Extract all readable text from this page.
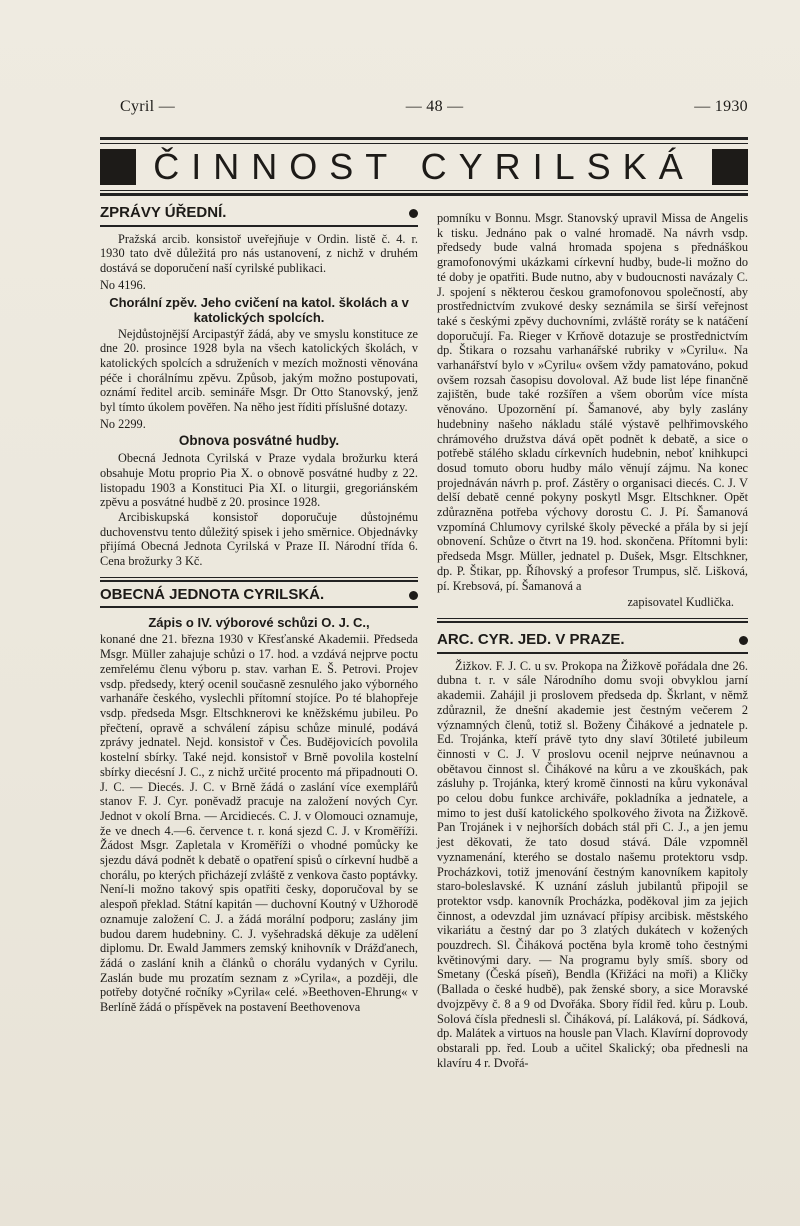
Cyril —	— 48 —	— 1930
ČINNOST CYRILSKÁ
ZPRÁVY ÚŘEDNÍ.

Pražská arcib. konsistoř uveřejňuje v Ordin. listě č. 4. r. 1930 tato dvě důležitá pro nás ustanovení, z nichž v druhém dostává se doporučení naší cyrilské publikaci.

No 4196.

Chorální zpěv. Jeho cvičení na katol. školách a v katolických spolcích.

Nejdůstojnější Arcipastýř žádá, aby ve smyslu konstituce ze dne 20. prosince 1928 byla na všech katolických školách, v katolických spolcích a sdruženích v mezích možnosti věnována péče i chorálnímu zpěvu. Způsob, jakým možno postupovati, oznámí ředitel arcib. semináře Msgr. Dr Otto Stanovský, jenž byl tímto úkolem pověřen. Na něho jest říditi příslušné dotazy.

No 2299.

Obnova posvátné hudby.

Obecná Jednota Cyrilská v Praze vydala brožurku která obsahuje Motu proprio Pia X. o obnově posvátné hudby z 22. listopadu 1903 a Konstituci Pia XI. o liturgii, gregoriánském zpěvu a posvátné hudbě z 20. prosince 1928.

Arcibiskupská konsistoř doporučuje důstojnému duchovenstvu tento důležitý spisek i jeho směrnice. Objednávky přijímá Obecná Jednota Cyrilská v Praze II. Národní třída 6. Cena brožurky 3 Kč.

OBECNÁ JEDNOTA CYRILSKÁ.

Zápis o IV. výborové schůzi O. J. C.,

konané dne 21. března 1930 v Křesťanské Akademii. Předseda Msgr. Müller zahajuje schůzi o 17. hod. a vzdává nejprve poctu zemřelému členu výboru p. stav. varhan E. Š. Petrovi. Projev vsdp. předsedy, který ocenil současně zesnulého jako výborného varhanáře českého, vyslechli přítomní stojíce. Po té blahopřeje vsdp. předseda Msgr. Eltschknerovi ke kněžskému jubileu. Po přečtení, opravě a schválení zápisu schůze minulé, podává zprávy jednatel. Nejd. konsistoř v Čes. Budějovicích povolila kostelní sbírky. Také nejd. konsistoř v Brně povolila kostelní sbírky diecésní J. C., z nichž určité procento má připadnouti O. J. C. — Diecés. J. C. v Brně žádá o zaslání více exemplářů stanov F. J. Cyr. poněvadž pracuje na založení nových Cyr. Jednot v okolí Brna. — Arcidiecés. C. J. v Olomouci oznamuje, že ve dnech 4.—6. července t. r. koná sjezd C. J. v Kroměříži. Žádost Msgr. Zapletala v Kroměříži o vhodné pomůcky ke sjezdu dává podnět k debatě o opatření spisů o církevní hudbě a chorálu, po kterých přicházejí zvláště z venkova často poptávky. Není-li možno takový spis opatřiti česky, doporučoval by se alespoň překlad. Státní kapitán — duchovní Koutný v Užhorodě oznamuje založení C. J. a žádá morální podporu; zaslány jim budou darem hudebniny. C. J. vyšehradská děkuje za udělení diplomu. Dr. Ewald Jammers zemský knihovník v Drážďanech, žádá o zaslání knih a článků o chorálu vydaných v Cyrilu. Zaslán bude mu prozatím seznam z »Cyrila«, a později, dle potřeby dotyčné ročníky »Cyrila« celé. »Beethoven-Ehrung« v Berlíně žádá o příspěvek na postavení Beethovenova

pomníku v Bonnu. Msgr. Stanovský upravil Missa de Angelis k tisku. Jednáno pak o valné hromadě. Na návrh vsdp. předsedy bude valná hromada spojena s přednáškou gramofonovými ukázkami církevní hudby, bude-li možno do té doby je opatřiti. Bude nutno, aby v budoucnosti navázaly C. J. spojení s některou českou gramofonovou společností, aby prostřednictvím zvukové desky seznámila se širší veřejnost také s českými zpěvy duchovními, zvláště roráty se k natáčení doporučují. Fa. Rieger v Krňově dotazuje se prostřednictvím dp. Štikara o rozsahu varhanářské rubriky v »Cyrilu«. Na varhanářství bylo v »Cyrilu« ovšem vždy pamatováno, pokud ovšem rozsah časopisu dovoloval. Až bude list lépe finančně zajištěn, bude také rozšířen a všem oborům více místa věnováno. Upozornění pí. Šamanové, aby byly zaslány hudebniny našeho nákladu stálé výstavě pelhřimovského chrámového družstva dává opět podnět k debatě, a sice o potřebě stálého skladu církevních hudebnin, neboť knihkupci dosud tomuto oboru hudby málo věnují zájmu. Na konec projednáván návrh p. prof. Zástěry o organisaci diecés. C. J. V delší debatě cenné pokyny poskytl Msgr. Eltschkner. Opět zdůrazněna potřeba výchovy dorostu C. J. Pí. Šamanová vzpomíná Chlumovy cyrilské školy pěvecké a přála by si její obnovení. Schůze o čtvrt na 19. hod. skončena. Přítomni byli: předseda Msgr. Müller, jednatel p. Dušek, Msgr. Eltschkner, dp. P. Štikar, pp. Říhovský a profesor Trumpus, slč. Lišková, pí. Krebsová, pí. Šamanová a

zapisovatel Kudlička.

ARC. CYR. JED. V PRAZE.

Žižkov. F. J. C. u sv. Prokopa na Žižkově pořádala dne 26. dubna t. r. v sále Národního domu svoji obvyklou jarní akademii. Zahájil ji proslovem předseda dp. Škrlant, v němž zdůraznil, že dnešní akademie jest čestným večerem 2 významných členů, totiž sl. Boženy Čihákové a jednatele p. Ed. Trojánka, kteří právě tyto dny slaví 30tileté jubileum činnosti v C. J. V proslovu ocenil nejprve neúnavnou a obětavou činnost sl. Čihákové na kůru a ve zkouškách, pak zásluhy p. Trojánka, který kromě činnosti na kůru vykonával po celou dobu funkce archiváře, pokladníka a jednatele, a mimo to jest duší katolického spolkového života na Žižkově. Pan Trojánek i v nejhorších dobách stál při C. J., a jen jemu jest děkovati, že tato dosud stává. Dále vzpomněl vyznamenání, kterého se dostalo našemu protektoru vsdp. Procházkovi, totiž jmenování čestným kanovníkem kapitoly staro-boleslavské. K uznání zásluh jubilantů připojil se protektor vsdp. kanovník Procházka, poděkoval jim za jejich činnost, a odevzdal jim uznávací přípisy arcibisk. městského vikariátu a čestný dar po 3 zlatých dukátech v kožených pouzdrech. Sl. Čiháková poctěna byla kromě toho čestnými květinovými dary. — Na programu byly smíš. sbory od Smetany (Česká píseň), Bendla (Křižáci na moři) a Kličky (Ballada o české hudbě), pak ženské sbory, a sice Moravské dvojzpěvy č. 8 a 9 od Dvořáka. Sbory řídil řed. kůru p. Loub. Solová čísla přednesli sl. Čiháková, pí. Laláková, pí. Sádková, dp. Malátek a virtuos na housle pan Vlach. Klavírní doprovody obstarali pp. řed. Loub a učitel Skalický; oba přednesli na klavíru 4 r. Dvořá-
